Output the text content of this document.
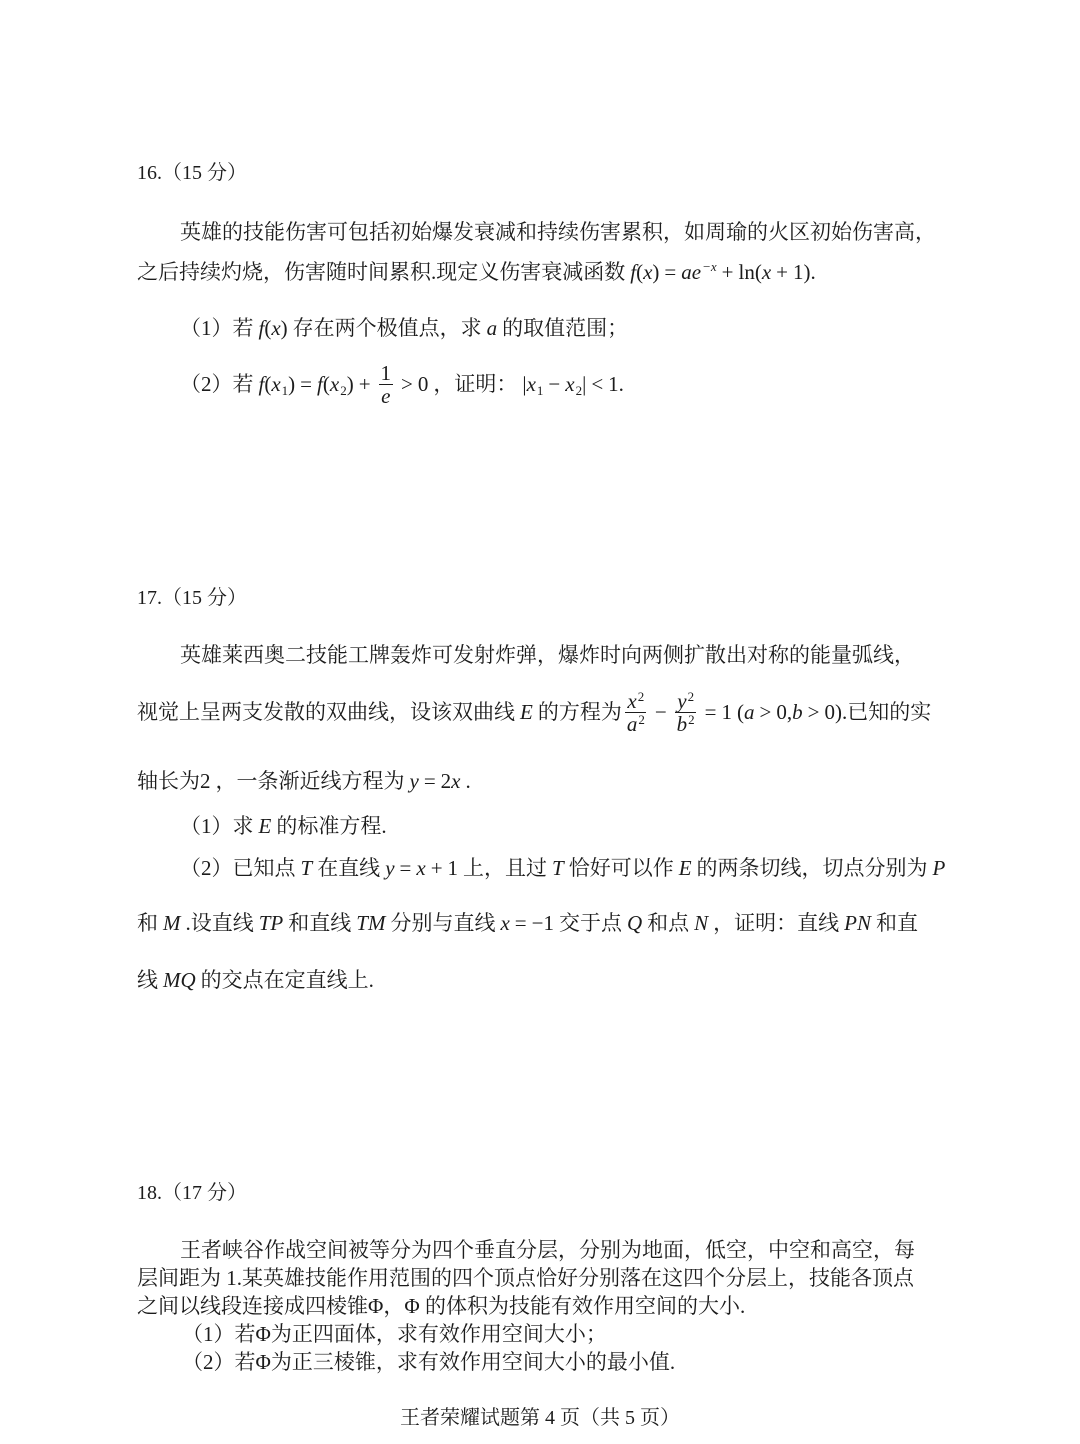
16.（15 分）
英雄的技能伤害可包括初始爆发衰减和持续伤害累积，如周瑜的火区初始伤害高，
之后持续灼烧，伤害随时间累积.现定义伤害衰减函数 f ( x ) = ae −x + ln ( x + 1 ) .
（1）若 f ( x ) 存在两个极值点，求 a 的取值范围；
（2）若 f ( x 1 ) = f ( x 2 ) + $\frac{1}{e} > 0$ ，证明： | x 1 − x 2 | < 1 .
17.（15 分）
英雄莱西奥二技能工牌轰炸可发射炸弹，爆炸时向两侧扩散出对称的能量弧线，
视觉上呈两支发散的双曲线，设该双曲线 E 的方程为 $\frac{x 2}{a 2} - \frac{y 2}{b 2} = 1$ ( a > 0 , b > 0 ) .已知的实
轴长为 2 ，一条渐近线方程为 y = 2 x .
（1）求 E 的标准方程.
（2）已知点 T 在直线 y = x + 1 上，且过 T 恰好可以作 E 的两条切线，切点分别为 P
和 M .设直线 TP 和直线 TM 分别与直线 x = −1 交于点 Q 和点 N ，证明：直线 PN 和直
线 MQ 的交点在定直线上.
18.（17 分）
王者峡谷作战空间被等分为四个垂直分层，分别为地面，低空，中空和高空，每
层间距为 1.某英雄技能作用范围的四个顶点恰好分别落在这四个分层上，技能各顶点
之间以线段连接成四棱锥Φ，Φ 的体积为技能有效作用空间的大小.
（1）若Φ为正四面体，求有效作用空间大小；
（2）若Φ为正三棱锥，求有效作用空间大小的最小值.
王者荣耀试题第 4 页（共 5 页）
